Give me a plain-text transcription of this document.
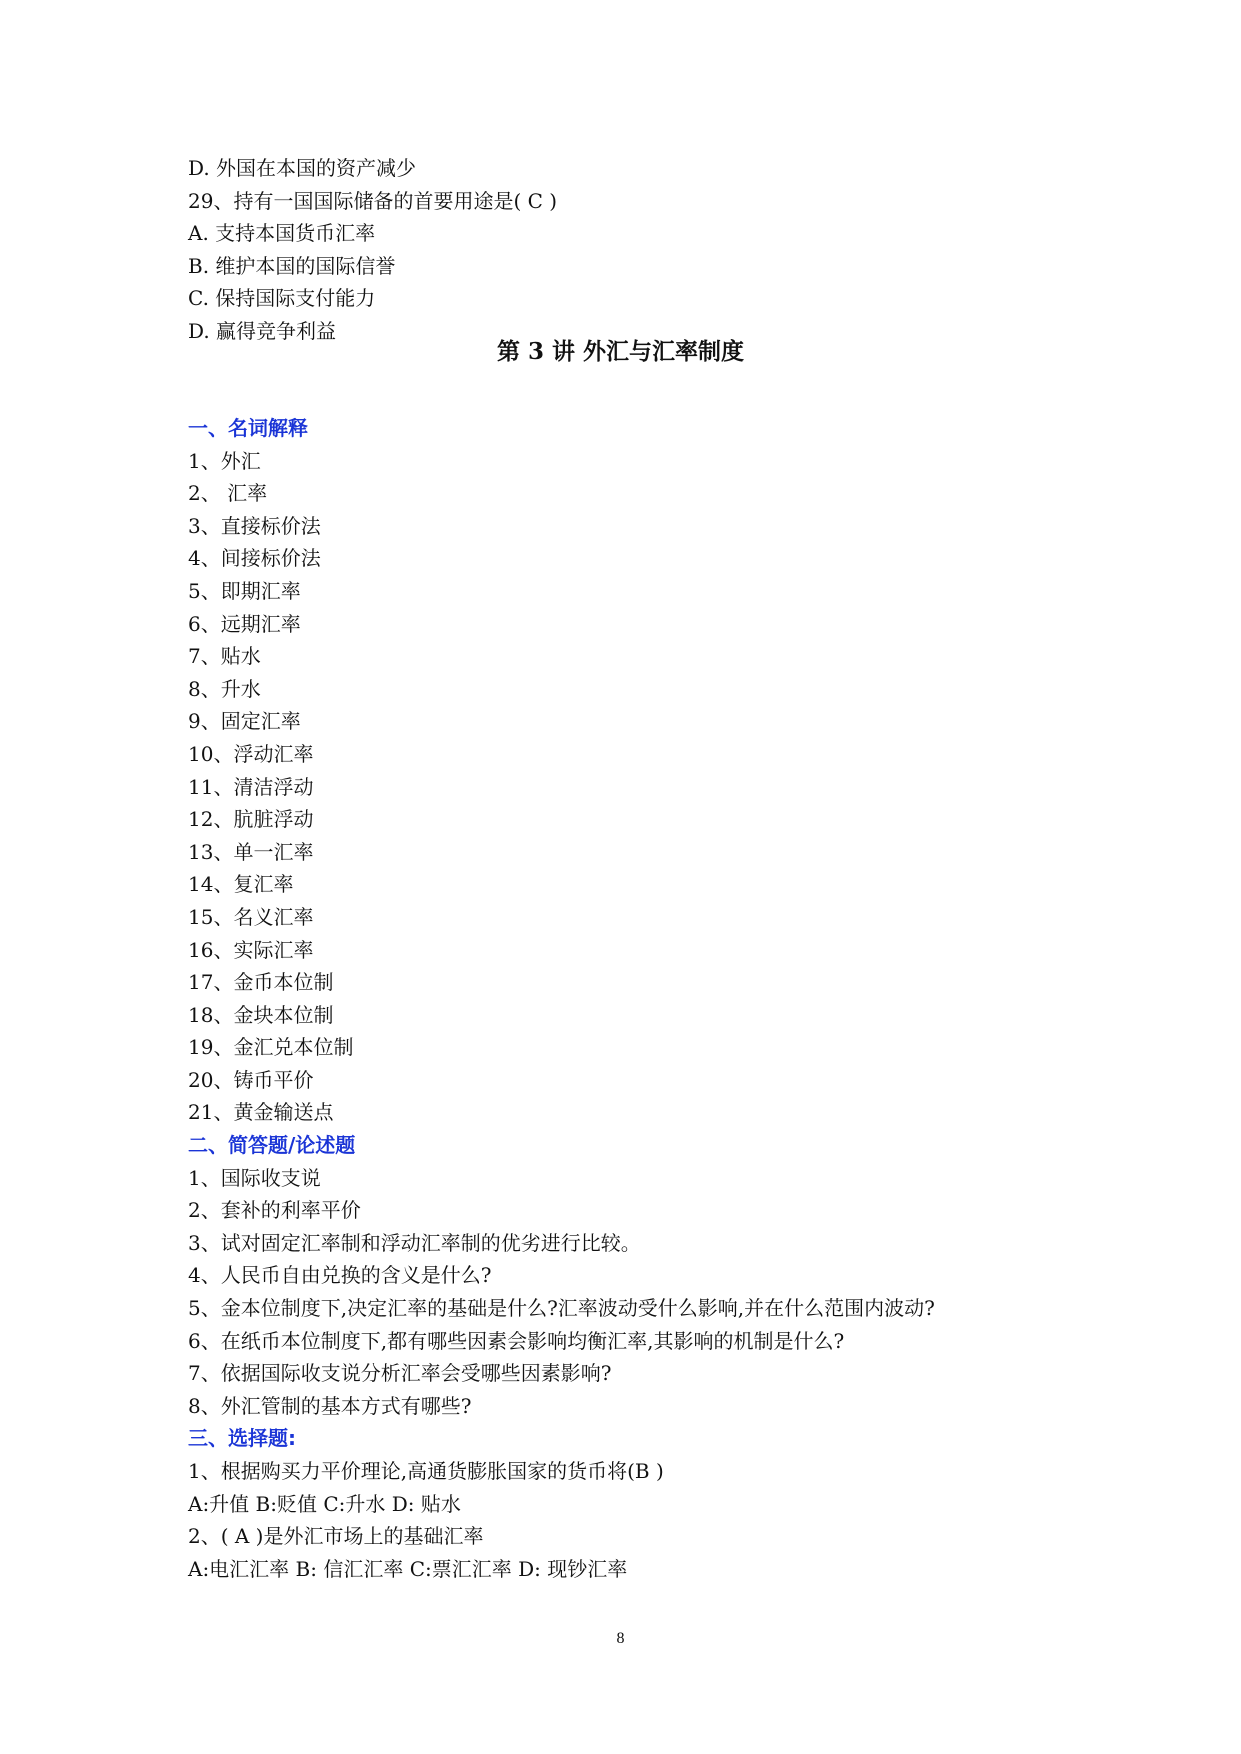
D. 外国在本国的资产减少
29、持有一国国际储备的首要用途是( C )
A. 支持本国货币汇率
B. 维护本国的国际信誉
C. 保持国际支付能力
D. 赢得竞争利益
第 3 讲 外汇与汇率制度
一、名词解释
1、外汇
2、 汇率
3、直接标价法
4、间接标价法
5、即期汇率
6、远期汇率
7、贴水
8、升水
9、固定汇率
10、浮动汇率
11、清洁浮动
12、肮脏浮动
13、单一汇率
14、复汇率
15、名义汇率
16、实际汇率
17、金币本位制
18、金块本位制
19、金汇兑本位制
20、铸币平价
21、黄金输送点
二、简答题/论述题
1、国际收支说
2、套补的利率平价
3、试对固定汇率制和浮动汇率制的优劣进行比较。
4、人民币自由兑换的含义是什么?
5、金本位制度下,决定汇率的基础是什么?汇率波动受什么影响,并在什么范围内波动?
6、在纸币本位制度下,都有哪些因素会影响均衡汇率,其影响的机制是什么?
7、依据国际收支说分析汇率会受哪些因素影响?
8、外汇管制的基本方式有哪些?
三、选择题:
1、根据购买力平价理论,高通货膨胀国家的货币将(B )
A:升值 B:贬值 C:升水 D: 贴水
2、( A )是外汇市场上的基础汇率
A:电汇汇率 B: 信汇汇率 C:票汇汇率 D: 现钞汇率
8
